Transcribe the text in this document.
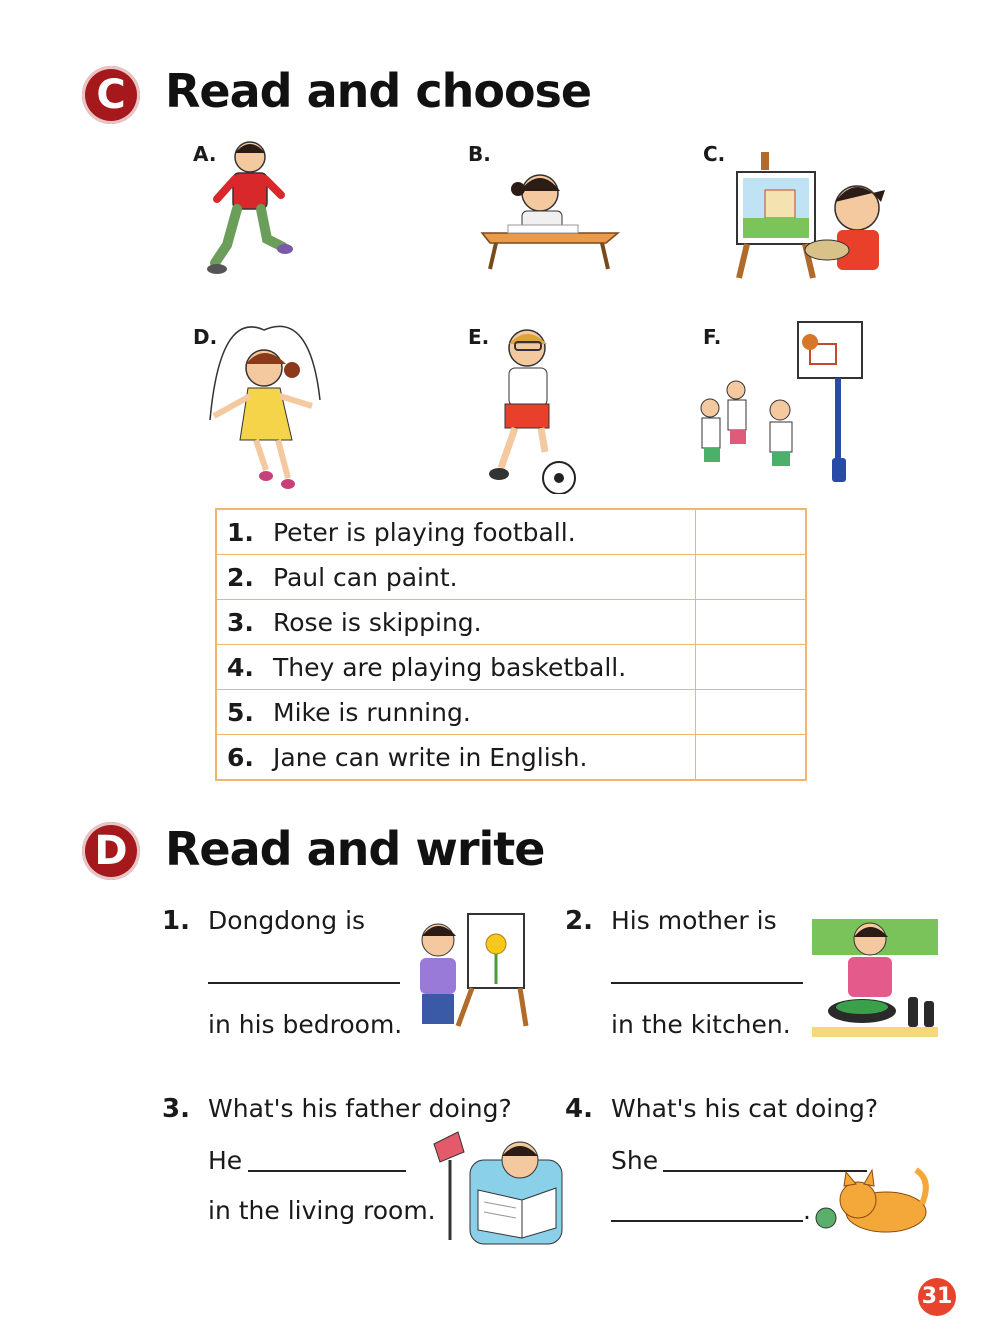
C Read and choose
A.	B.	C.
D.	E.	F.
1. Peter is playing football.	
2. Paul can paint.	
3. Rose is skipping.	
4. They are playing basketball.	
5. Mike is running.	
6. Jane can write in English.	
D Read and write
1. Dongdong is
in his bedroom.
2. His mother is
in the kitchen.
3. What's his father doing?
He
in the living room.
4. What's his cat doing?
She
.
31
